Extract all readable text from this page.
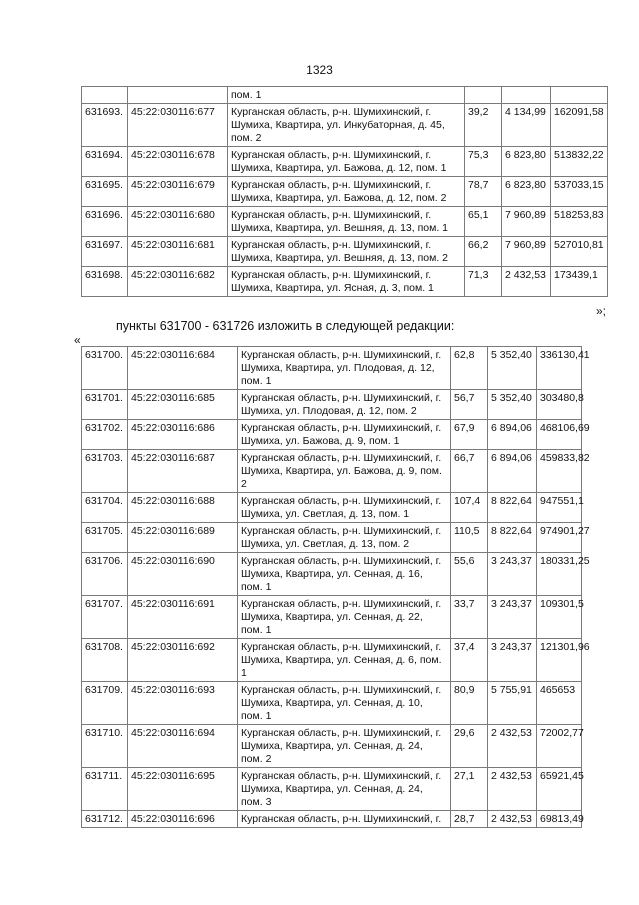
1323
		пом. 1			
631693.	45:22:030116:677	Курганская область, р-н. Шумихинский, г. Шумиха, Квартира, ул. Инкубаторная, д. 45, пом. 2	39,2	4 134,99	162091,58
631694.	45:22:030116:678	Курганская область, р-н. Шумихинский, г. Шумиха, Квартира, ул. Бажова, д. 12, пом. 1	75,3	6 823,80	513832,22
631695.	45:22:030116:679	Курганская область, р-н. Шумихинский, г. Шумиха, Квартира, ул. Бажова, д. 12, пом. 2	78,7	6 823,80	537033,15
631696.	45:22:030116:680	Курганская область, р-н. Шумихинский, г. Шумиха, Квартира, ул. Вешняя, д. 13, пом. 1	65,1	7 960,89	518253,83
631697.	45:22:030116:681	Курганская область, р-н. Шумихинский, г. Шумиха, Квартира, ул. Вешняя, д. 13, пом. 2	66,2	7 960,89	527010,81
631698.	45:22:030116:682	Курганская область, р-н. Шумихинский, г. Шумиха, Квартира, ул. Ясная, д. 3, пом. 1	71,3	2 432,53	173439,1
»;
пункты 631700 - 631726 изложить в следующей редакции:
«
631700.	45:22:030116:684	Курганская область, р-н. Шумихинский, г. Шумиха, Квартира, ул. Плодовая, д. 12, пом. 1	62,8	5 352,40	336130,41
631701.	45:22:030116:685	Курганская область, р-н. Шумихинский, г. Шумиха, ул. Плодовая, д. 12, пом. 2	56,7	5 352,40	303480,8
631702.	45:22:030116:686	Курганская область, р-н. Шумихинский, г. Шумиха, ул. Бажова, д. 9, пом. 1	67,9	6 894,06	468106,69
631703.	45:22:030116:687	Курганская область, р-н. Шумихинский, г. Шумиха, Квартира, ул. Бажова, д. 9, пом. 2	66,7	6 894,06	459833,82
631704.	45:22:030116:688	Курганская область, р-н. Шумихинский, г. Шумиха, ул. Светлая, д. 13, пом. 1	107,4	8 822,64	947551,1
631705.	45:22:030116:689	Курганская область, р-н. Шумихинский, г. Шумиха, ул. Светлая, д. 13, пом. 2	110,5	8 822,64	974901,27
631706.	45:22:030116:690	Курганская область, р-н. Шумихинский, г. Шумиха, Квартира, ул. Сенная, д. 16, пом. 1	55,6	3 243,37	180331,25
631707.	45:22:030116:691	Курганская область, р-н. Шумихинский, г. Шумиха, Квартира, ул. Сенная, д. 22, пом. 1	33,7	3 243,37	109301,5
631708.	45:22:030116:692	Курганская область, р-н. Шумихинский, г. Шумиха, Квартира, ул. Сенная, д. 6, пом. 1	37,4	3 243,37	121301,96
631709.	45:22:030116:693	Курганская область, р-н. Шумихинский, г. Шумиха, Квартира, ул. Сенная, д. 10, пом. 1	80,9	5 755,91	465653
631710.	45:22:030116:694	Курганская область, р-н. Шумихинский, г. Шумиха, Квартира, ул. Сенная, д. 24, пом. 2	29,6	2 432,53	72002,77
631711.	45:22:030116:695	Курганская область, р-н. Шумихинский, г. Шумиха, Квартира, ул. Сенная, д. 24, пом. 3	27,1	2 432,53	65921,45
631712.	45:22:030116:696	Курганская область, р-н. Шумихинский, г.	28,7	2 432,53	69813,49
